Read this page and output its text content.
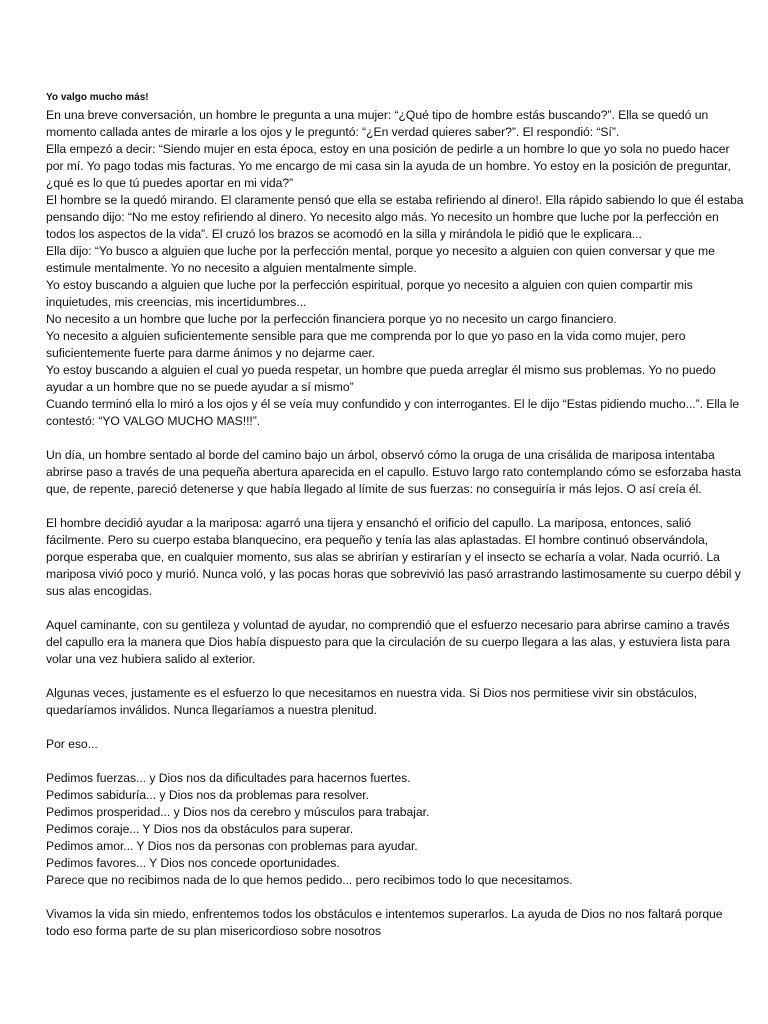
Yo valgo mucho más!

En una breve conversación, un hombre le pregunta a una mujer: “¿Qué tipo de hombre estás buscando?”. Ella se quedó un momento callada antes de mirarle a los ojos y le preguntó: “¿En verdad quieres saber?”. El respondió: “Sí”.

Ella empezó a decir: “Siendo mujer en esta época, estoy en una posición de pedirle a un hombre lo que yo sola no puedo hacer por mí. Yo pago todas mis facturas. Yo me encargo de mi casa sin la ayuda de un hombre. Yo estoy en la posición de preguntar, ¿qué es lo que tú puedes aportar en mi vida?”

El hombre se la quedó mirando. El claramente pensó que ella se estaba refiriendo al dinero!. Ella rápido sabiendo lo que él estaba pensando dijo: “No me estoy refiriendo al dinero. Yo necesito algo más. Yo necesito un hombre que luche por la perfección en todos los aspectos de la vida”. El cruzó los brazos se acomodó en la silla y mirándola le pidió que le explicara...

Ella dijo: “Yo busco a alguien que luche por la perfección mental, porque yo necesito a alguien con quien conversar y que me estimule mentalmente. Yo no necesito a alguien mentalmente simple.

Yo estoy buscando a alguien que luche por la perfección espiritual, porque yo necesito a alguien con quien compartir mis inquietudes, mis creencias, mis incertidumbres...

No necesito a un hombre que luche por la perfección financiera porque yo no necesito un cargo financiero.

Yo necesito a alguien suficientemente sensible para que me comprenda por lo que yo paso en la vida como mujer, pero suficientemente fuerte para darme ánimos y no dejarme caer.

Yo estoy buscando a alguien el cual yo pueda respetar, un hombre que pueda arreglar él mismo sus problemas. Yo no puedo ayudar a un hombre que no se puede ayudar a sí mismo”

Cuando terminó ella lo miró a los ojos y él se veía muy confundido y con interrogantes. El le dijo “Estas pidiendo mucho...”. Ella le contestó: “YO VALGO MUCHO MAS!!!”.

Un día, un hombre sentado al borde del camino bajo un árbol, observó cómo la oruga de una crisálida de mariposa intentaba abrirse paso a través de una pequeña abertura aparecida en el capullo. Estuvo largo rato contemplando cómo se esforzaba hasta que, de repente, pareció detenerse y que había llegado al límite de sus fuerzas: no conseguiría ir más lejos. O así creía él.

El hombre decidió ayudar a la mariposa: agarró una tijera y ensanchó el orificio del capullo. La mariposa, entonces, salió fácilmente. Pero su cuerpo estaba blanquecino, era pequeño y tenía las alas aplastadas. El hombre continuó observándola, porque esperaba que, en cualquier momento, sus alas se abrirían y estirarían y el insecto se echaría a volar. Nada ocurrió. La mariposa vivió poco y murió. Nunca voló, y las pocas horas que sobrevivió las pasó arrastrando lastimosamente su cuerpo débil y sus alas encogidas.

Aquel caminante, con su gentileza y voluntad de ayudar, no comprendió que el esfuerzo necesario para abrirse camino a través del capullo era la manera que Dios había dispuesto para que la circulación de su cuerpo llegara a las alas, y estuviera lista para volar una vez hubiera salido al exterior.

Algunas veces, justamente es el esfuerzo lo que necesitamos en nuestra vida. Si Dios nos permitiese vivir sin obstáculos, quedaríamos inválidos. Nunca llegaríamos a nuestra plenitud.

Por eso...

Pedimos fuerzas... y Dios nos da dificultades para hacernos fuertes.

Pedimos sabiduría... y Dios nos da problemas para resolver.

Pedimos prosperidad... y Dios nos da cerebro y músculos para trabajar.

Pedimos coraje... Y Dios nos da obstáculos para superar.

Pedimos amor... Y Dios nos da personas con problemas para ayudar.

Pedimos favores... Y Dios nos concede oportunidades.

Parece que no recibimos nada de lo que hemos pedido... pero recibimos todo lo que necesitamos.

Vivamos la vida sin miedo, enfrentemos todos los obstáculos e intentemos superarlos. La ayuda de Dios no nos faltará porque todo eso forma parte de su plan misericordioso sobre nosotros
